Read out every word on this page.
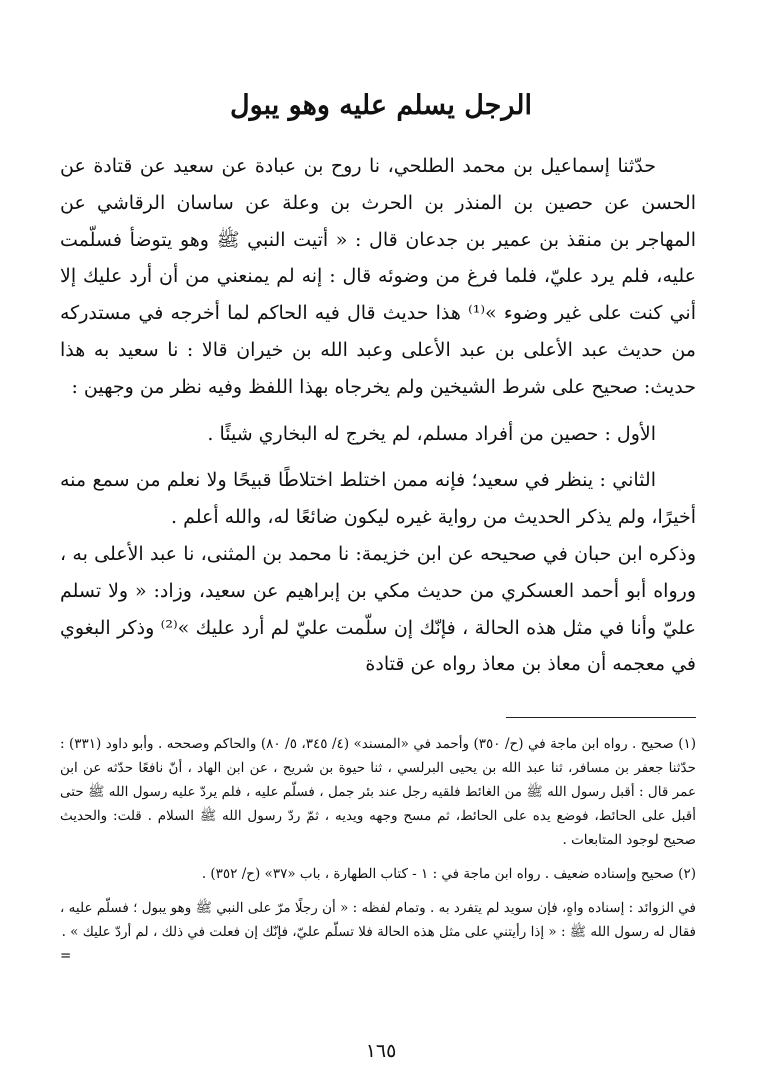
الرجل يسلم عليه وهو يبول

حدّثنا إسماعيل بن محمد الطلحي، نا روح بن عبادة عن سعيد عن قتادة عن الحسن عن حصين بن المنذر بن الحرث بن وعلة عن ساسان الرقاشي عن المهاجر بن منقذ بن عمير بن جدعان قال : « أتيت النبي ﷺ وهو يتوضأ فسلّمت عليه، فلم يرد عليّ، فلما فرغ من وضوئه قال : إنه لم يمنعني من أن أرد عليك إلا أني كنت على غير وضوء »⁽¹⁾ هذا حديث قال فيه الحاكم لما أخرجه في مستدركه من حديث عبد الأعلى بن عبد الأعلى وعبد الله بن خيران قالا : نا سعيد به هذا حديث: صحيح على شرط الشيخين ولم يخرجاه بهذا اللفظ وفيه نظر من وجهين :

الأول : حصين من أفراد مسلم، لم يخرج له البخاري شيئًا .

الثاني : ينظر في سعيد؛ فإنه ممن اختلط اختلاطًا قبيحًا ولا نعلم من سمع منه أخيرًا، ولم يذكر الحديث من رواية غيره ليكون ضائعًا له، والله أعلم .

وذكره ابن حبان في صحيحه عن ابن خزيمة: نا محمد بن المثنى، نا عبد الأعلى به ، ورواه أبو أحمد العسكري من حديث مكي بن إبراهيم عن سعيد، وزاد: « ولا تسلم عليّ وأنا في مثل هذه الحالة ، فإنّك إن سلّمت عليّ لم أرد عليك »⁽²⁾ وذكر البغوي في معجمه أن معاذ بن معاذ رواه عن قتادة

(١) صحيح . رواه ابن ماجة في (ح/ ٣٥٠) وأحمد في «المسند» (٤/ ٣٤٥، ٥/ ٨٠) والحاكم وصححه . وأبو داود (٣٣١) : حدّثنا جعفر بن مسافر، ثنا عبد الله بن يحيى البرلسي ، ثنا حيوة بن شريح ، عن ابن الهاد ، أنّ نافعًا حدّثه عن ابن عمر قال : أقبل رسول الله ﷺ من الغائط فلقيه رجل عند بئر جمل ، فسلّم عليه ، فلم يردّ عليه رسول الله ﷺ حتى أقبل على الحائط، فوضع يده على الحائط، ثم مسح وجهه ويديه ، ثمّ ردّ رسول الله ﷺ السلام . قلت: والحديث صحيح لوجود المتابعات .

(٢) صحيح وإسناده ضعيف . رواه ابن ماجة في : ١ - كتاب الطهارة ، باب «٣٧» (ح/ ٣٥٢) .

في الزوائد : إسناده واهٍ، فإن سويد لم يتفرد به . وتمام لفظه : « أن رجلًا مرّ على النبي ﷺ وهو يبول ؛ فسلّم عليه ، فقال له رسول الله ﷺ : « إذا رأيتني على مثل هذه الحالة فلا تسلّم عليّ، فإنّك إن فعلت في ذلك ، لم أردّ عليك » .
=

١٦٥
